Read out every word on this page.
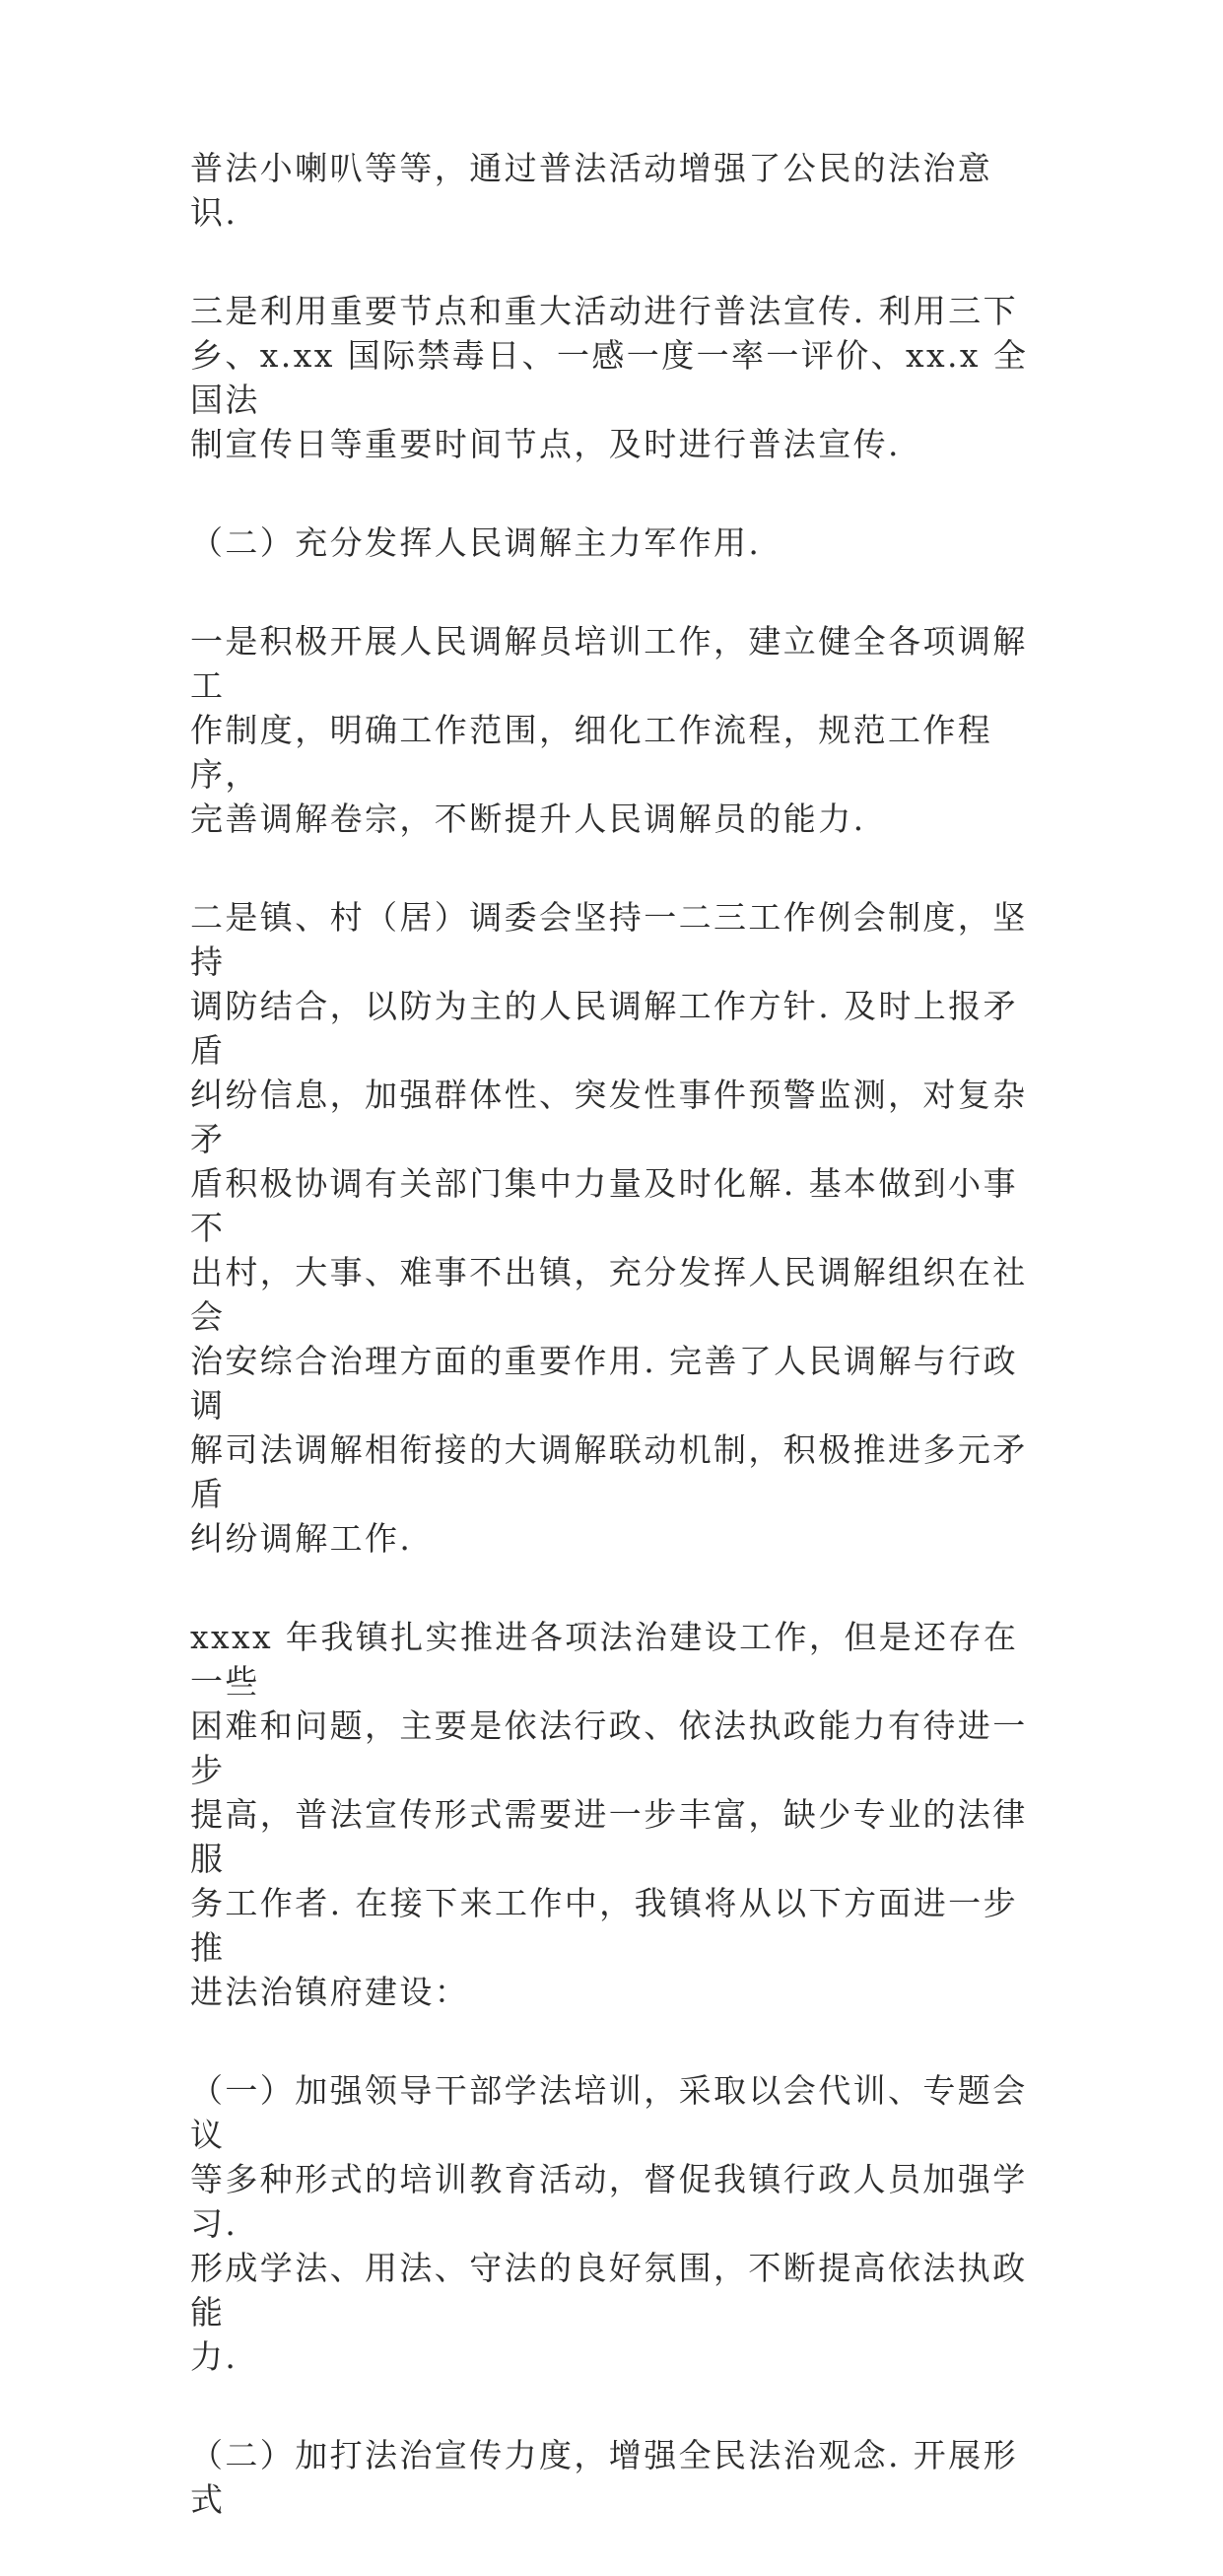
普法小喇叭等等，通过普法活动增强了公民的法治意识.

三是利用重要节点和重大活动进行普法宣传. 利用三下
乡、x.xx 国际禁毒日、一感一度一率一评价、xx.x 全国法
制宣传日等重要时间节点，及时进行普法宣传.

（二）充分发挥人民调解主力军作用.

一是积极开展人民调解员培训工作，建立健全各项调解工
作制度，明确工作范围，细化工作流程，规范工作程序，
完善调解卷宗，不断提升人民调解员的能力.

二是镇、村（居）调委会坚持一二三工作例会制度，坚持
调防结合，以防为主的人民调解工作方针. 及时上报矛盾
纠纷信息，加强群体性、突发性事件预警监测，对复杂矛
盾积极协调有关部门集中力量及时化解. 基本做到小事不
出村，大事、难事不出镇，充分发挥人民调解组织在社会
治安综合治理方面的重要作用. 完善了人民调解与行政调
解司法调解相衔接的大调解联动机制，积极推进多元矛盾
纠纷调解工作.

xxxx 年我镇扎实推进各项法治建设工作，但是还存在一些
困难和问题，主要是依法行政、依法执政能力有待进一步
提高，普法宣传形式需要进一步丰富，缺少专业的法律服
务工作者. 在接下来工作中，我镇将从以下方面进一步推
进法治镇府建设：

（一）加强领导干部学法培训，采取以会代训、专题会议
等多种形式的培训教育活动，督促我镇行政人员加强学习.
形成学法、用法、守法的良好氛围，不断提高依法执政能
力.

（二）加打法治宣传力度，增强全民法治观念. 开展形式
